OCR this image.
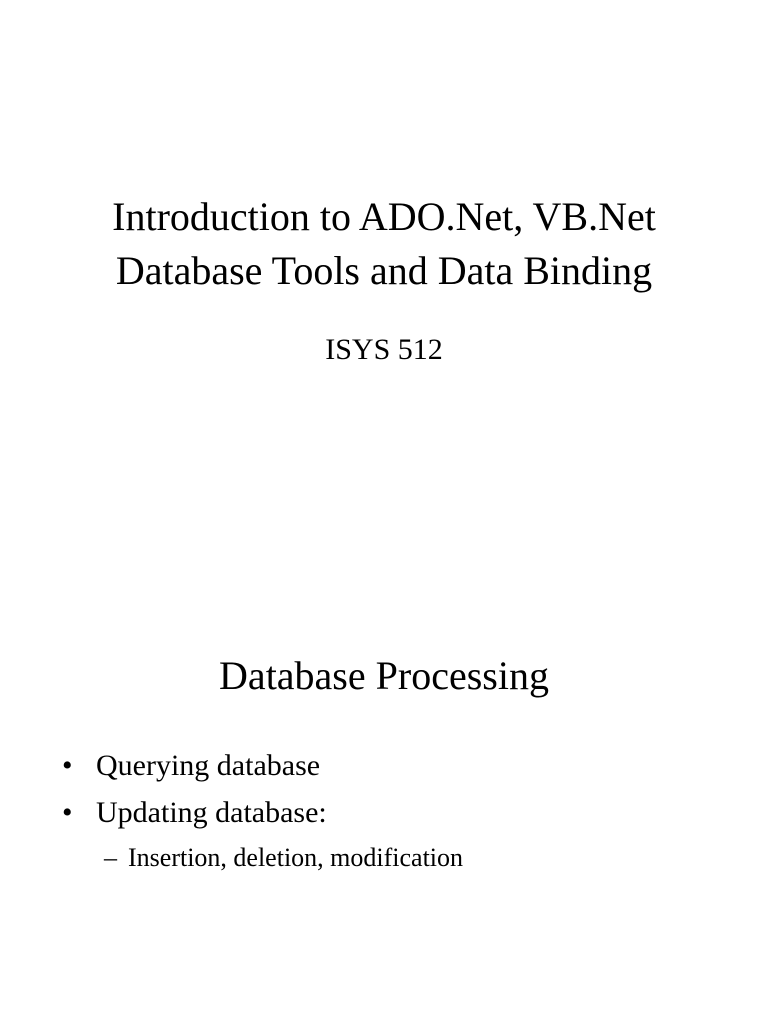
Introduction to ADO.Net, VB.Net
Database Tools and Data Binding
ISYS 512
Database Processing
• Querying database
• Updating database:
– Insertion, deletion, modification
